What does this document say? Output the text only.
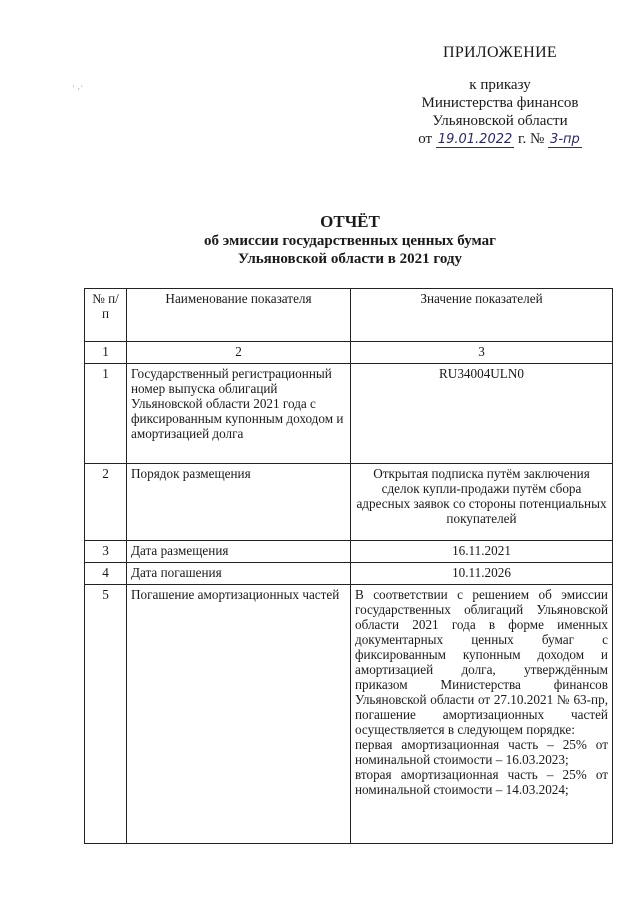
˙ ·˙
ПРИЛОЖЕНИЕ
к приказу
Министерства финансов
Ульяновской области
от 19.01.2022 г. № 3-пр
ОТЧЁТ
об эмиссии государственных ценных бумаг
Ульяновской области в 2021 году
№ п/п	Наименование показателя	Значение показателей
1	2	3
1	Государственный регистрационный номер выпуска облигаций Ульяновской области 2021 года с фиксированным купонным доходом и амортизацией долга	RU34004ULN0
2	Порядок размещения	Открытая подписка путём заключения сделок купли-продажи путём сбора адресных заявок со стороны потенциальных покупателей
3	Дата размещения	16.11.2021
4	Дата погашения	10.11.2026
5	Погашение амортизационных частей	В соответствии с решением об эмиссии государственных облигаций Ульяновской области 2021 года в форме именных документарных ценных бумаг с фиксированным купонным доходом и амортизацией долга, утверждённым приказом Министерства финансов Ульяновской области от 27.10.2021 № 63-пр, погашение амортизационных частей осуществляется в следующем порядке:
первая амортизационная часть – 25% от номинальной стоимости – 16.03.2023;
вторая амортизационная часть – 25% от номинальной стоимости – 14.03.2024;
